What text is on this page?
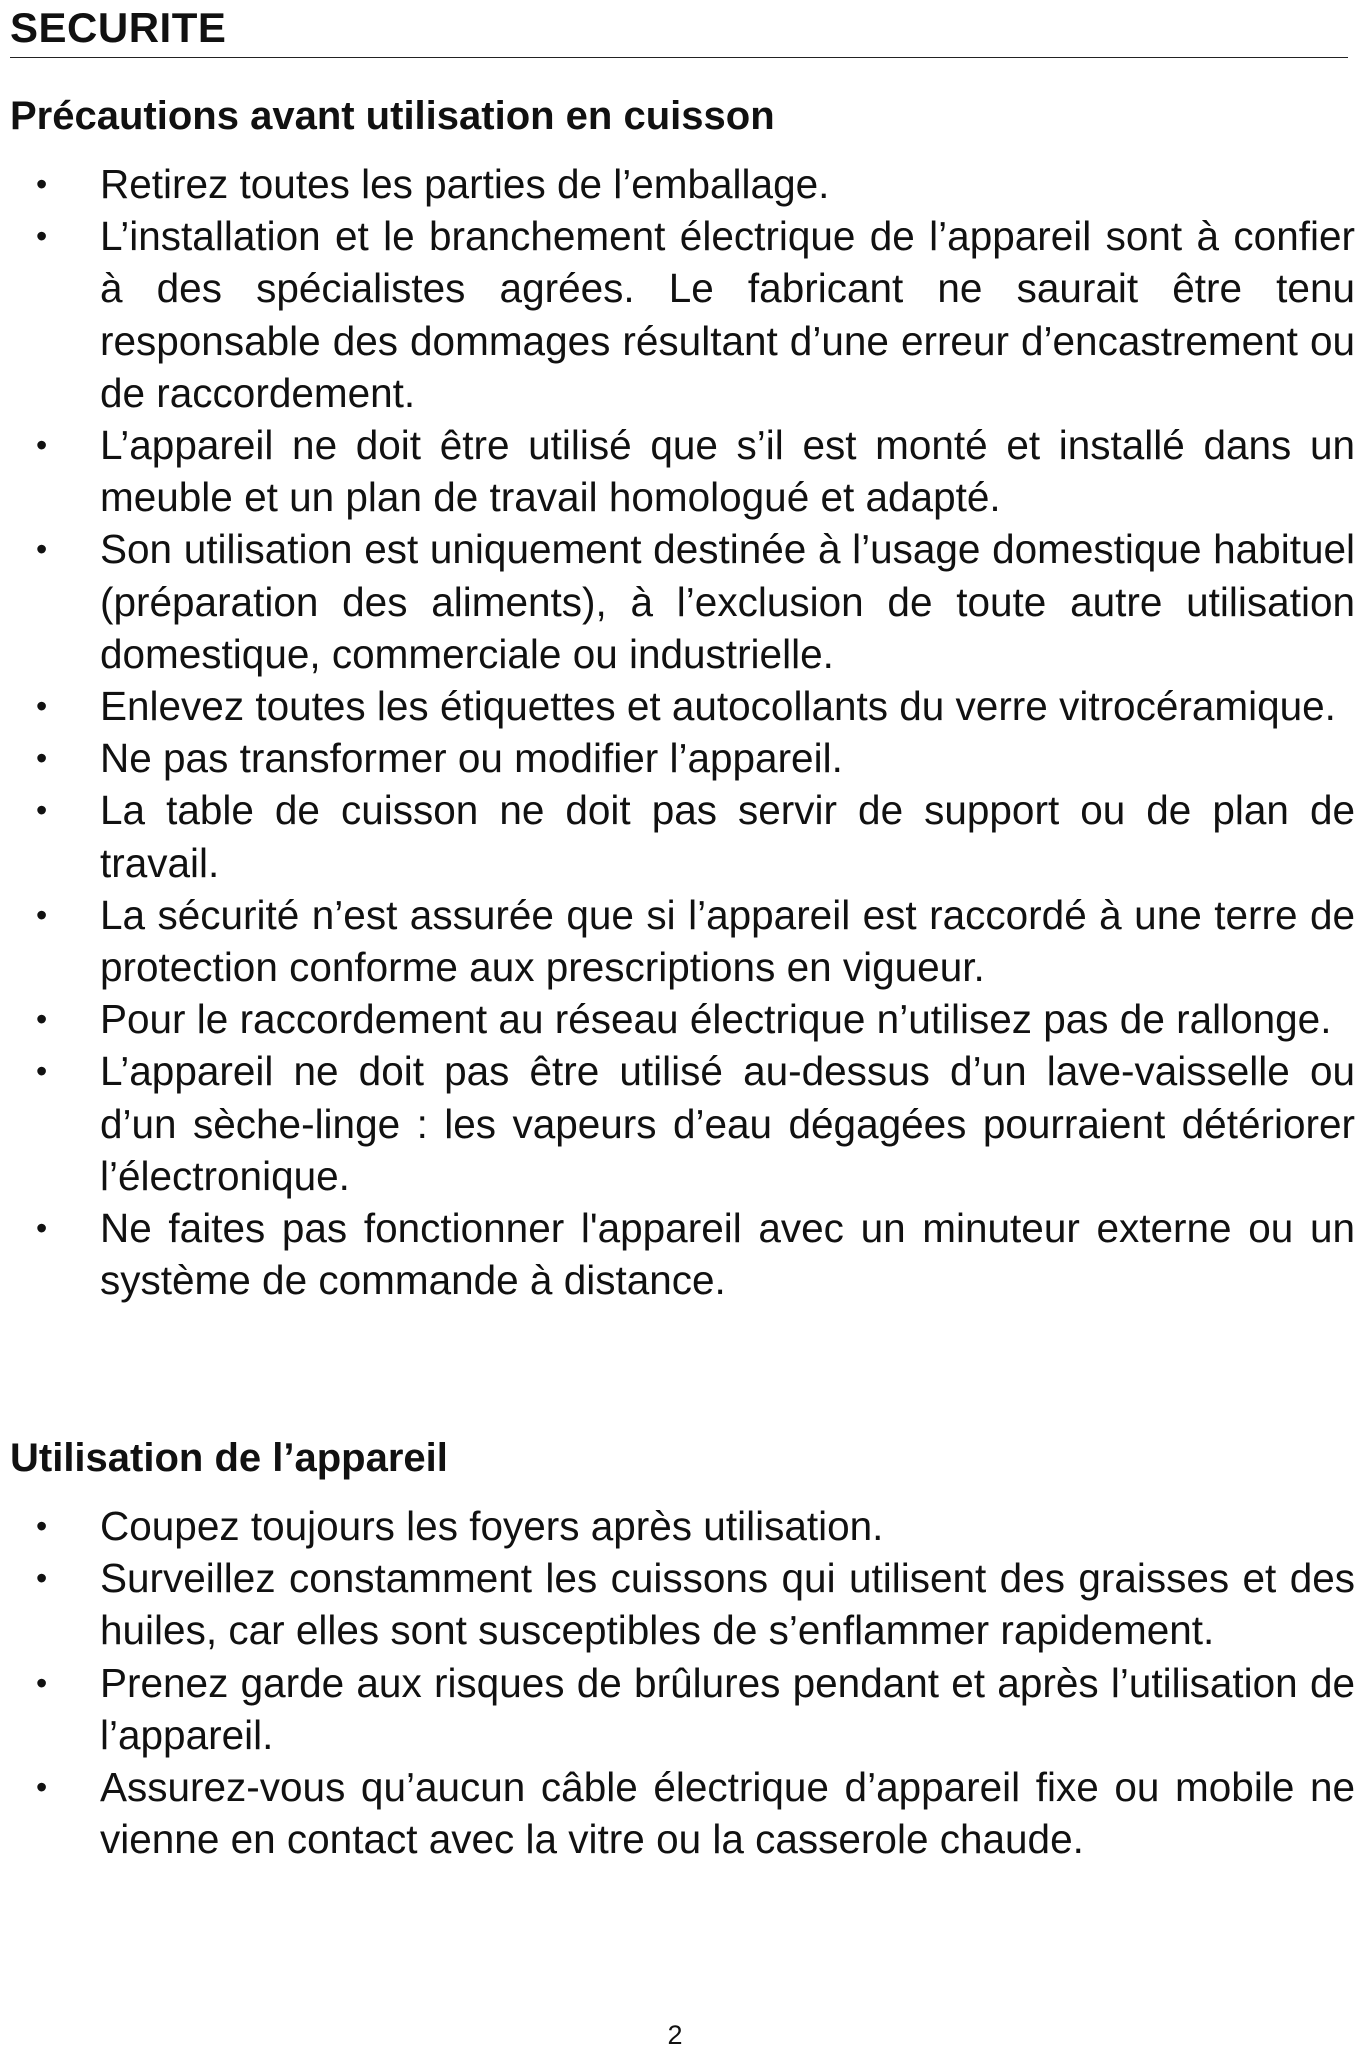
SECURITE
Précautions avant utilisation en cuisson
• Retirez toutes les parties de l’emballage.
• L’installation et le branchement électrique de l’appareil sont à confier à des spécialistes agrées. Le fabricant ne saurait être tenu responsable des dommages résultant d’une erreur d’encastrement ou de raccordement.
• L’appareil ne doit être utilisé que s’il est monté et installé dans un meuble et un plan de travail homologué et adapté.
• Son utilisation est uniquement destinée à l’usage domestique habituel (préparation des aliments), à l’exclusion de toute autre utilisation domestique, commerciale ou industrielle.
• Enlevez toutes les étiquettes et autocollants du verre vitrocéramique.
• Ne pas transformer ou modifier l’appareil.
• La table de cuisson ne doit pas servir de support ou de plan de travail.
• La sécurité n’est assurée que si l’appareil est raccordé à une terre de protection conforme aux prescriptions en vigueur.
• Pour le raccordement au réseau électrique n’utilisez pas de rallonge.
• L’appareil ne doit pas être utilisé au-dessus d’un lave-vaisselle ou d’un sèche-linge : les vapeurs d’eau dégagées pourraient détériorer l’électronique.
• Ne faites pas fonctionner l'appareil avec un minuteur externe ou un système de commande à distance.
Utilisation de l’appareil
• Coupez toujours les foyers après utilisation.
• Surveillez constamment les cuissons qui utilisent des graisses et des huiles, car elles sont susceptibles de s’enflammer rapidement.
• Prenez garde aux risques de brûlures pendant et après l’utilisation de l’appareil.
• Assurez-vous qu’aucun câble électrique d’appareil fixe ou mobile ne vienne en contact avec la vitre ou la casserole chaude.
2
